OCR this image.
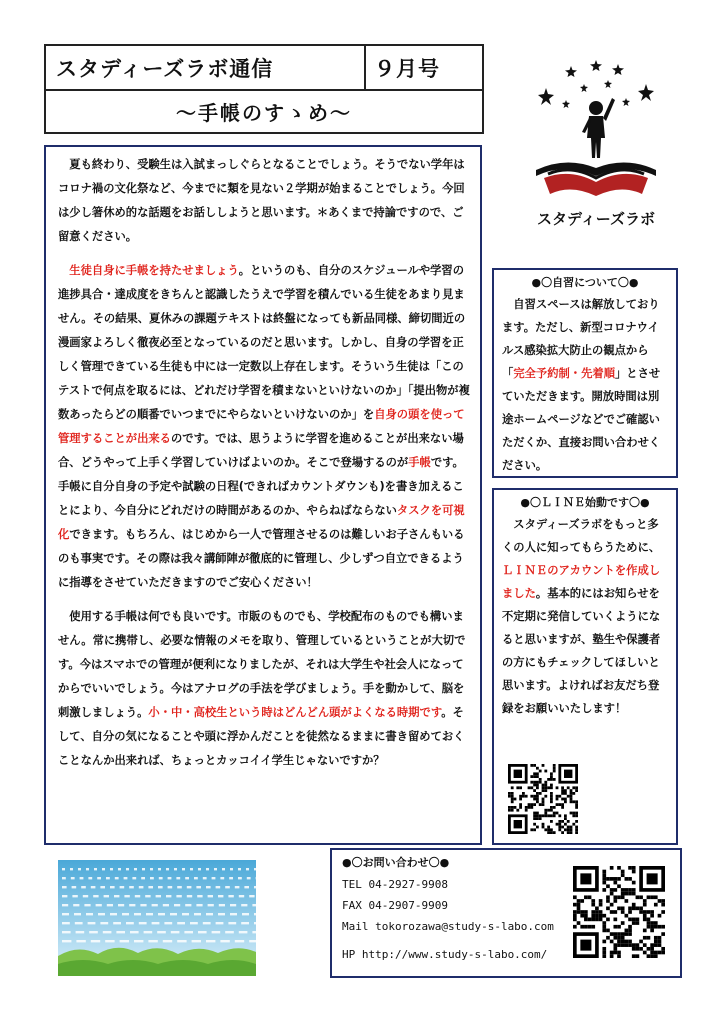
スタディーズラボ通信	９月号
〜手帳のすゝめ〜
スタディーズラボ

夏も終わり、受験生は入試まっしぐらとなることでしょう。そうでない学年はコロナ禍の文化祭など、今までに類を見ない２学期が始まることでしょう。今回は少し箸休め的な話題をお話ししようと思います。＊あくまで持論ですので、ご留意ください。

生徒自身に手帳を持たせましょう。というのも、自分のスケジュールや学習の進捗具合・達成度をきちんと認識したうえで学習を積んでいる生徒をあまり見ません。その結果、夏休みの課題テキストは終盤になっても新品同様、締切間近の漫画家よろしく徹夜必至となっているのだと思います。しかし、自身の学習を正しく管理できている生徒も中には一定数以上存在します。そういう生徒は「このテストで何点を取るには、どれだけ学習を積まないといけないのか」「提出物が複数あったらどの順番でいつまでにやらないといけないのか」を自身の頭を使って管理することが出来るのです。では、思うように学習を進めることが出来ない場合、どうやって上手く学習していけばよいのか。そこで登場するのが手帳です。手帳に自分自身の予定や試験の日程(できればカウントダウンも)を書き加えることにより、今自分にどれだけの時間があるのか、やらねばならないタスクを可視化できます。もちろん、はじめから一人で管理させるのは難しいお子さんもいるのも事実です。その際は我々講師陣が徹底的に管理し、少しずつ自立できるように指導をさせていただきますのでご安心ください！

使用する手帳は何でも良いです。市販のものでも、学校配布のものでも構いません。常に携帯し、必要な情報のメモを取り、管理しているということが大切です。今はスマホでの管理が便利になりましたが、それは大学生や社会人になってからでいいでしょう。今はアナログの手法を学びましょう。手を動かして、脳を刺激しましょう。小・中・高校生という時はどんどん頭がよくなる時期です。そして、自分の気になることや頭に浮かんだことを徒然なるままに書き留めておくことなんか出来れば、ちょっとカッコイイ学生じゃないですか？

●〇自習について〇●

自習スペースは解放しております。ただし、新型コロナウイルス感染拡大防止の観点から「完全予約制・先着順」とさせていただきます。開放時間は別途ホームページなどでご確認いただくか、直接お問い合わせください。

●〇ＬＩＮＥ始動です〇●

スタディーズラボをもっと多くの人に知ってもらうために、ＬＩＮＥのアカウントを作成しました。基本的にはお知らせを不定期に発信していくようになると思いますが、塾生や保護者の方にもチェックしてほしいと思います。よければお友だち登録をお願いいたします！

●〇お問い合わせ〇●
TEL 04-2927-9908
FAX 04-2907-9909
Mail tokorozawa@study-s-labo.com
HP http://www.study-s-labo.com/
